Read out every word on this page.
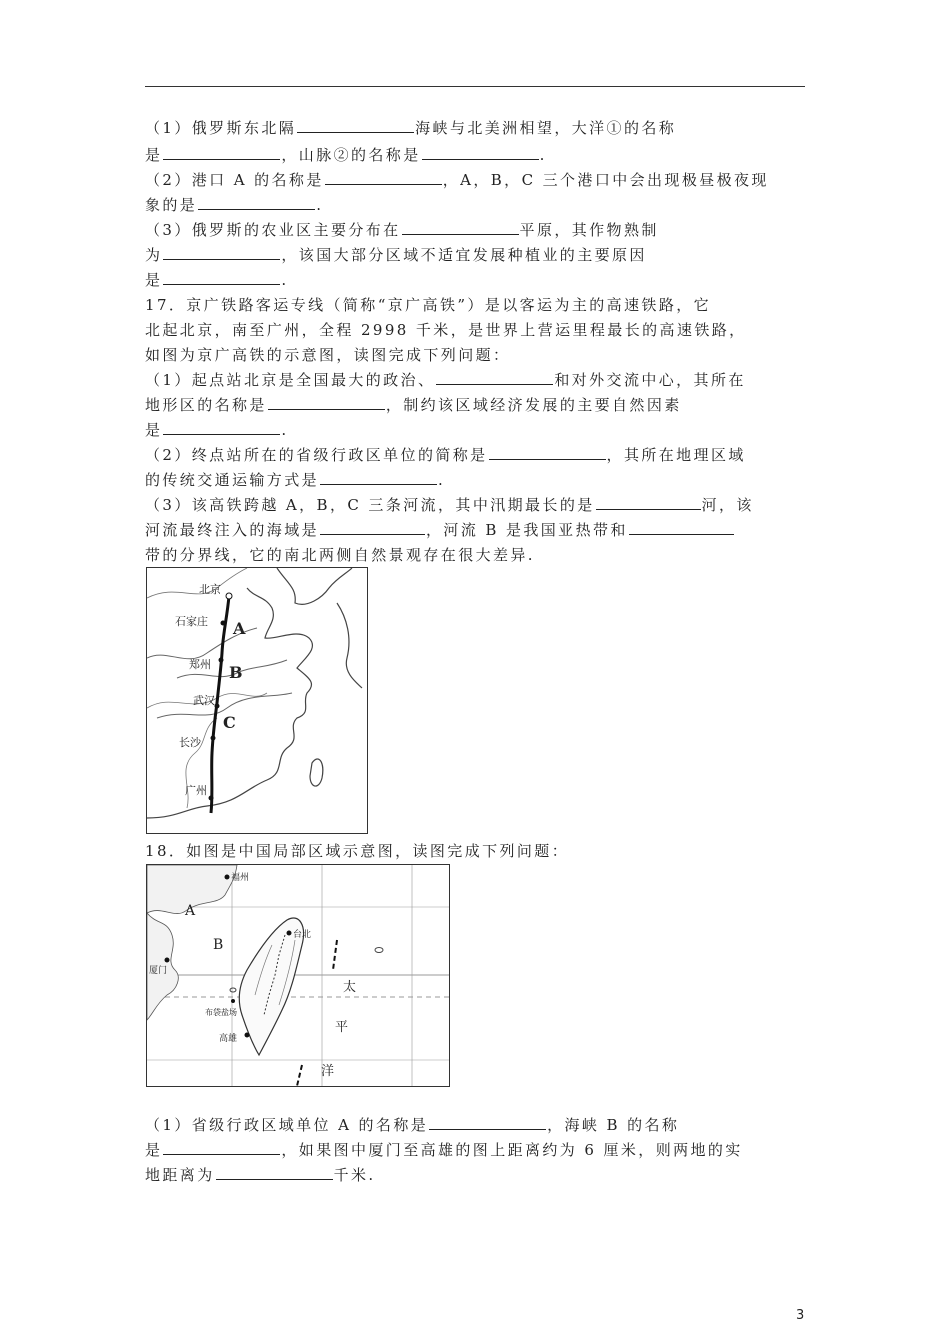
（1）俄罗斯东北隔	海峡与北美洲相望，大洋①的名称
是	，山脉②的名称是	.
（2）港口 A 的名称是	，A，B，C 三个港口中会出现极昼极夜现
象的是	.
（3）俄罗斯的农业区主要分布在	平原，其作物熟制
为	，该国大部分区域不适宜发展种植业的主要原因
是	.
17．京广铁路客运专线（简称“京广高铁”）是以客运为主的高速铁路，它
北起北京，南至广州，全程 2998 千米，是世界上营运里程最长的高速铁路，
如图为京广高铁的示意图，读图完成下列问题：
（1）起点站北京是全国最大的政治、	和对外交流中心，其所在
地形区的名称是	，制约该区域经济发展的主要自然因素
是	.
（2）终点站所在的省级行政区单位的简称是	，其所在地理区域
的传统交通运输方式是	.
（3）该高铁跨越 A，B，C 三条河流，其中汛期最长的是	河，该
河流最终注入的海域是	，河流 B 是我国亚热带和
带的分界线，它的南北两侧自然景观存在很大差异.
北京
石家庄
郑州
武汉
长沙
广州
A
B
C
18．如图是中国局部区域示意图，读图完成下列问题：
福州
厦门
台北
布袋盐场
高雄
A
B
太
平
洋
（1）省级行政区域单位 A 的名称是	，海峡 B 的名称
是	，如果图中厦门至高雄的图上距离约为 6 厘米，则两地的实
地距离为	千米.
3
